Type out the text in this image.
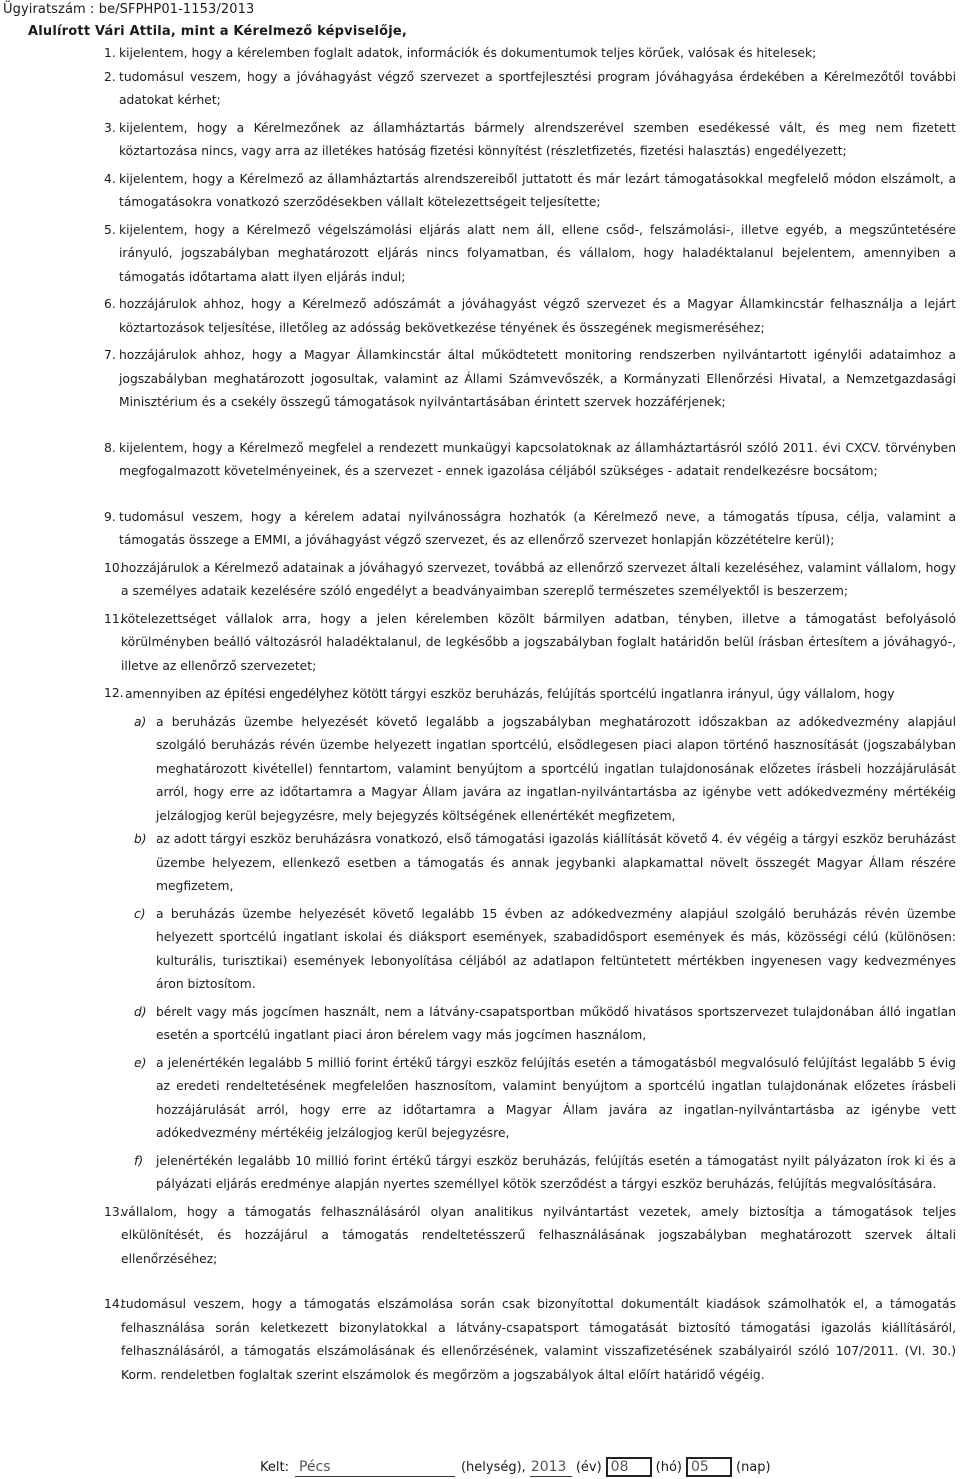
Ügyiratszám : be/SFPHP01-1153/2013
Alulírott Vári Attila, mint a Kérelmező képviselője,
1. kijelentem, hogy a kérelemben foglalt adatok, információk és dokumentumok teljes körűek, valósak és hitelesek;
2. tudomásul veszem, hogy a jóváhagyást végző szervezet a sportfejlesztési program jóváhagyása érdekében a Kérelmezőtől további adatokat kérhet;
3. kijelentem, hogy a Kérelmezőnek az államháztartás bármely alrendszerével szemben esedékessé vált, és meg nem fizetett köztartozása nincs, vagy arra az illetékes hatóság fizetési könnyítést (részletfizetés, fizetési halasztás) engedélyezett;
4. kijelentem, hogy a Kérelmező az államháztartás alrendszereiből juttatott és már lezárt támogatásokkal megfelelő módon elszámolt, a támogatásokra vonatkozó szerződésekben vállalt kötelezettségeit teljesítette;
5. kijelentem, hogy a Kérelmező végelszámolási eljárás alatt nem áll, ellene csőd-, felszámolási-, illetve egyéb, a megszűntetésére irányuló, jogszabályban meghatározott eljárás nincs folyamatban, és vállalom, hogy haladéktalanul bejelentem, amennyiben a támogatás időtartama alatt ilyen eljárás indul;
6. hozzájárulok ahhoz, hogy a Kérelmező adószámát a jóváhagyást végző szervezet és a Magyar Államkincstár felhasználja a lejárt köztartozások teljesítése, illetőleg az adósság bekövetkezése tényének és összegének megismeréséhez;
7. hozzájárulok ahhoz, hogy a Magyar Államkincstár által működtetett monitoring rendszerben nyilvántartott igénylői adataimhoz a jogszabályban meghatározott jogosultak, valamint az Állami Számvevőszék, a Kormányzati Ellenőrzési Hivatal, a Nemzetgazdasági Minisztérium és a csekély összegű támogatások nyilvántartásában érintett szervek hozzáférjenek;
8. kijelentem, hogy a Kérelmező megfelel a rendezett munkaügyi kapcsolatoknak az államháztartásról szóló 2011. évi CXCV. törvényben megfogalmazott követelményeinek, és a szervezet - ennek igazolása céljából szükséges - adatait rendelkezésre bocsátom;
9. tudomásul veszem, hogy a kérelem adatai nyilvánosságra hozhatók (a Kérelmező neve, a támogatás típusa, célja, valamint a támogatás összege a EMMI, a jóváhagyást végző szervezet, és az ellenőrző szervezet honlapján közzétételre kerül);
10.
hozzájárulok a Kérelmező adatainak a jóváhagyó szervezet, továbbá az ellenőrző szervezet általi kezeléséhez, valamint vállalom, hogy a személyes adataik kezelésére szóló engedélyt a beadványaimban szereplő természetes személyektől is beszerzem;
11.
kötelezettséget vállalok arra, hogy a jelen kérelemben közölt bármilyen adatban, tényben, illetve a támogatást befolyásoló körülményben beálló változásról haladéktalanul, de legkésőbb a jogszabályban foglalt határidőn belül írásban értesítem a jóváhagyó-, illetve az ellenőrző szervezetet;
12. amennyiben az építési engedélyhez kötött tárgyi eszköz beruházás, felújítás sportcélú ingatlanra irányul, úgy vállalom, hogy
a) a beruházás üzembe helyezését követő legalább a jogszabályban meghatározott időszakban az adókedvezmény alapjául szolgáló beruházás révén üzembe helyezett ingatlan sportcélú, elsődlegesen piaci alapon történő hasznosítását (jogszabályban meghatározott kivétellel) fenntartom, valamint benyújtom a sportcélú ingatlan tulajdonosának előzetes írásbeli hozzájárulását arról, hogy erre az időtartamra a Magyar Állam javára az ingatlan-nyilvántartásba az igénybe vett adókedvezmény mértékéig jelzálogjog kerül bejegyzésre, mely bejegyzés költségének ellenértékét megfizetem,
b) az adott tárgyi eszköz beruházásra vonatkozó, első támogatási igazolás kiállítását követő 4. év végéig a tárgyi eszköz beruházást üzembe helyezem, ellenkező esetben a támogatás és annak jegybanki alapkamattal növelt összegét Magyar Állam részére megfizetem,
c) a beruházás üzembe helyezését követő legalább 15 évben az adókedvezmény alapjául szolgáló beruházás révén üzembe helyezett sportcélú ingatlant iskolai és diáksport események, szabadidősport események és más, közösségi célú (különösen: kulturális, turisztikai) események lebonyolítása céljából az adatlapon feltüntetett mértékben ingyenesen vagy kedvezményes áron biztosítom.
d) bérelt vagy más jogcímen használt, nem a látvány-csapatsportban működő hivatásos sportszervezet tulajdonában álló ingatlan esetén a sportcélú ingatlant piaci áron bérelem vagy más jogcímen használom,
e) a jelenértékén legalább 5 millió forint értékű tárgyi eszköz felújítás esetén a támogatásból megvalósuló felújítást legalább 5 évig az eredeti rendeltetésének megfelelően hasznosítom, valamint benyújtom a sportcélú ingatlan tulajdonának előzetes írásbeli hozzájárulását arról, hogy erre az időtartamra a Magyar Állam javára az ingatlan-nyilvántartásba az igénybe vett adókedvezmény mértékéig jelzálogjog kerül bejegyzésre,
f) jelenértékén legalább 10 millió forint értékű tárgyi eszköz beruházás, felújítás esetén a támogatást nyilt pályázaton írok ki és a pályázati eljárás eredménye alapján nyertes személlyel kötök szerződést a tárgyi eszköz beruházás, felújítás megvalósítására.
13.
vállalom, hogy a támogatás felhasználásáról olyan analitikus nyilvántartást vezetek, amely biztosítja a támogatások teljes elkülönítését, és hozzájárul a támogatás rendeltetésszerű felhasználásának jogszabályban meghatározott szervek általi ellenőrzéséhez;
14.
tudomásul veszem, hogy a támogatás elszámolása során csak bizonyítottal dokumentált kiadások számolhatók el, a támogatás felhasználása során keletkezett bizonylatokkal a látvány-csapatsport támogatását biztosító támogatási igazolás kiállításáról, felhasználásáról, a támogatás elszámolásának és ellenőrzésének, valamint visszafizetésének szabályairól szóló 107/2011. (VI. 30.) Korm. rendeletben foglaltak szerint elszámolok és megőrzöm a jogszabályok által előírt határidő végéig.
Kelt: Pécs	(helység), 2013 (év) 08	(hó) 05	(nap)
